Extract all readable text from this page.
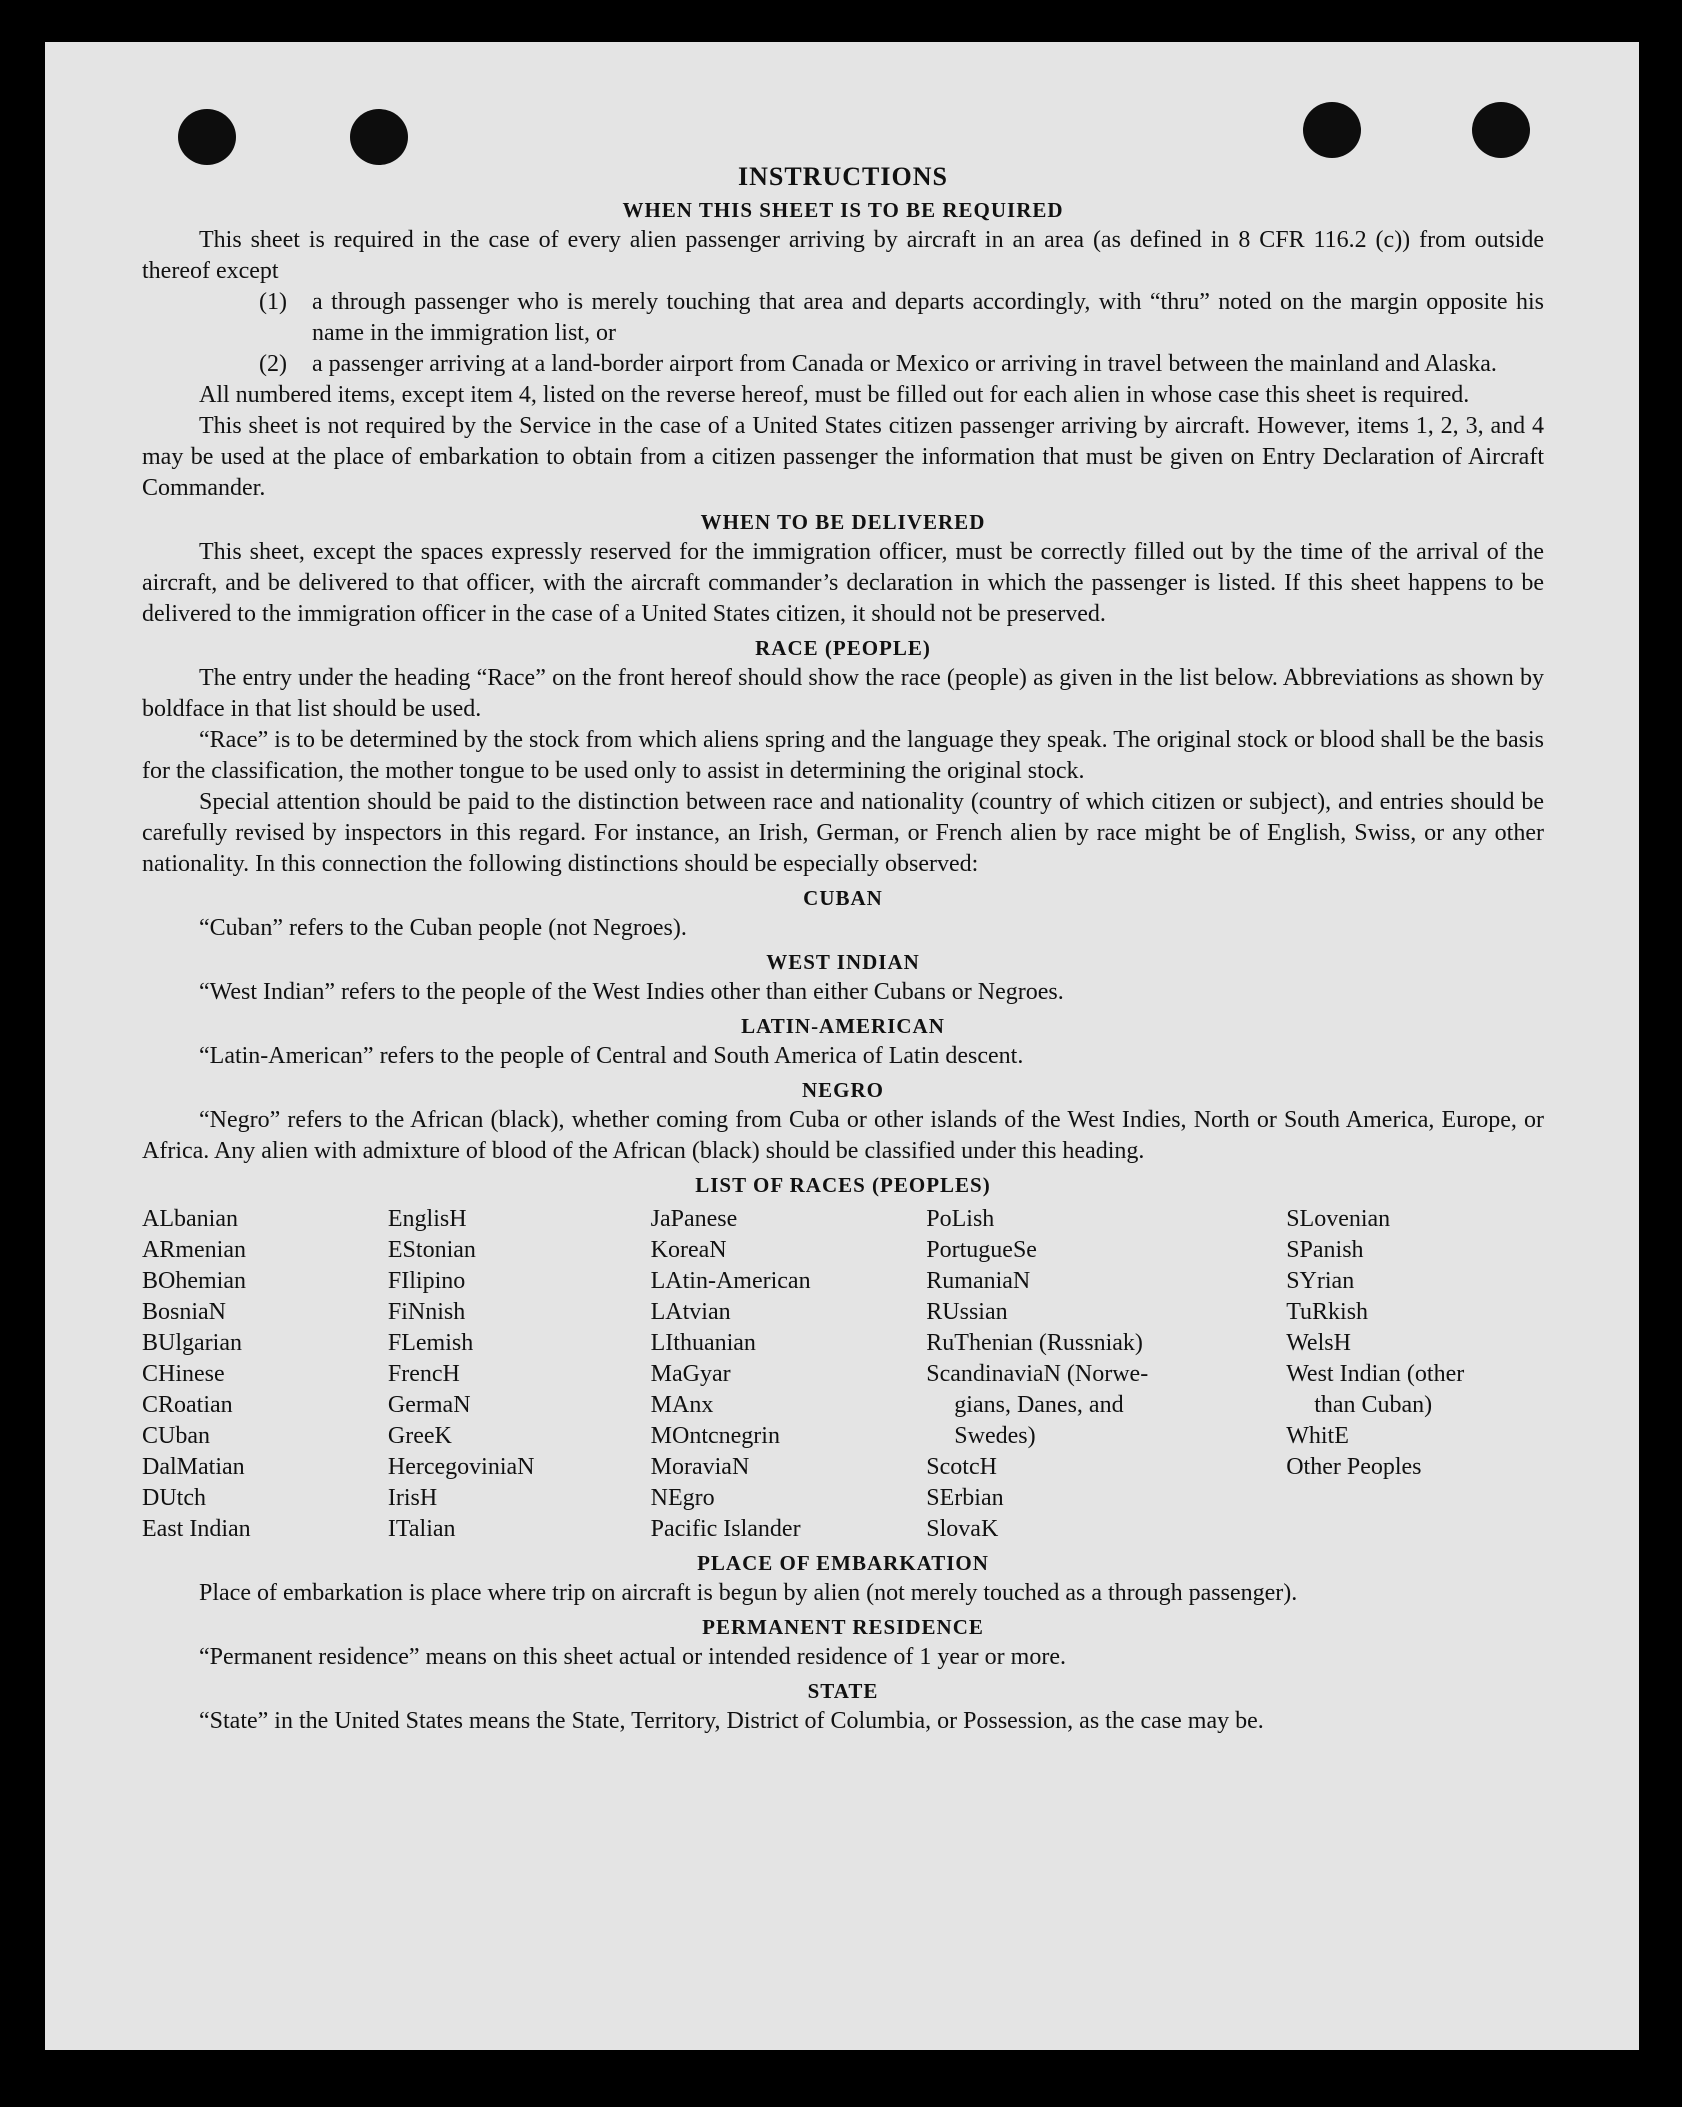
INSTRUCTIONS
WHEN THIS SHEET IS TO BE REQUIRED

This sheet is required in the case of every alien passenger arriving by aircraft in an area (as defined in 8 CFR 116.2 (c)) from outside thereof except

(1) a through passenger who is merely touching that area and departs accordingly, with “thru” noted on the margin opposite his name in the immigration list, or

(2) a passenger arriving at a land-border airport from Canada or Mexico or arriving in travel between the mainland and Alaska.

All numbered items, except item 4, listed on the reverse hereof, must be filled out for each alien in whose case this sheet is required.

This sheet is not required by the Service in the case of a United States citizen passenger arriving by aircraft. However, items 1, 2, 3, and 4 may be used at the place of embarkation to obtain from a citizen passenger the information that must be given on Entry Declaration of Aircraft Commander.

WHEN TO BE DELIVERED

This sheet, except the spaces expressly reserved for the immigration officer, must be correctly filled out by the time of the arrival of the aircraft, and be delivered to that officer, with the aircraft commander’s declaration in which the passenger is listed. If this sheet happens to be delivered to the immigration officer in the case of a United States citizen, it should not be preserved.

RACE (PEOPLE)

The entry under the heading “Race” on the front hereof should show the race (people) as given in the list below. Abbreviations as shown by boldface in that list should be used.

“Race” is to be determined by the stock from which aliens spring and the language they speak. The original stock or blood shall be the basis for the classification, the mother tongue to be used only to assist in determining the original stock.

Special attention should be paid to the distinction between race and nationality (country of which citizen or subject), and entries should be carefully revised by inspectors in this regard. For instance, an Irish, German, or French alien by race might be of English, Swiss, or any other nationality. In this connection the following distinctions should be especially observed:

CUBAN

“Cuban” refers to the Cuban people (not Negroes).

WEST INDIAN

“West Indian” refers to the people of the West Indies other than either Cubans or Negroes.

LATIN-AMERICAN

“Latin-American” refers to the people of Central and South America of Latin descent.

NEGRO

“Negro” refers to the African (black), whether coming from Cuba or other islands of the West Indies, North or South America, Europe, or Africa. Any alien with admixture of blood of the African (black) should be classified under this heading.

LIST OF RACES (PEOPLES)
ALbanian
ARmenian
BOhemian
BosniaN
BUlgarian
CHinese
CRoatian
CUban
DalMatian
DUtch
East Indian
EnglisH
EStonian
FIlipino
FiNnish
FLemish
FrencH
GermaN
GreeK
HercegoviniaN
IrisH
ITalian
JaPanese
KoreaN
LAtin-American
LAtvian
LIthuanian
MaGyar
MAnx
MOntcnegrin
MoraviaN
NEgro
Pacific Islander
PoLish
PortugueSe
RumaniaN
RUssian
RuThenian (Russniak)
ScandinaviaN (Norwe-
gians, Danes, and
Swedes)
ScotcH
SErbian
SlovaK
SLovenian
SPanish
SYrian
TuRkish
WelsH
West Indian (other
than Cuban)
WhitE
Other Peoples
PLACE OF EMBARKATION

Place of embarkation is place where trip on aircraft is begun by alien (not merely touched as a through passenger).

PERMANENT RESIDENCE

“Permanent residence” means on this sheet actual or intended residence of 1 year or more.

STATE

“State” in the United States means the State, Territory, District of Columbia, or Possession, as the case may be.
